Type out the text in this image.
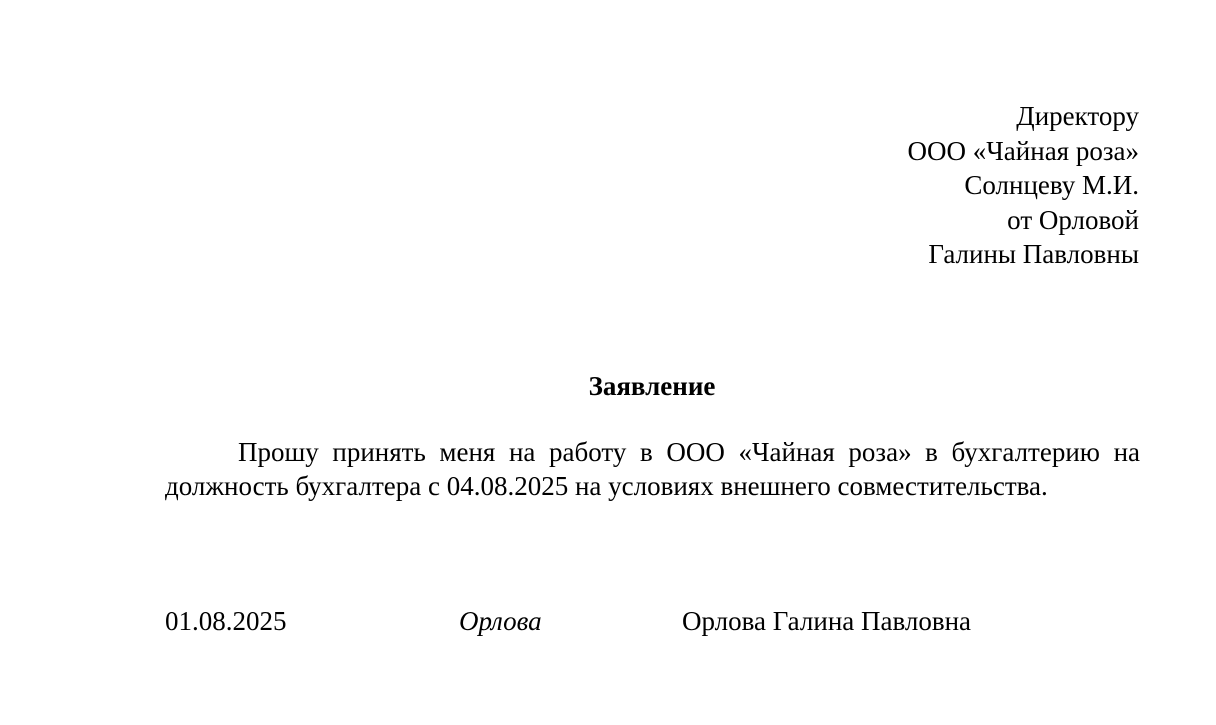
Директору
ООО «Чайная роза»
Солнцеву М.И.
от Орловой
Галины Павловны
Заявление
Прошу принять меня на работу в ООО «Чайная роза» в бухгалтерию на должность бухгалтера с 04.08.2025 на условиях внешнего совместительства.
01.08.2025	Орлова	Орлова Галина Павловна
